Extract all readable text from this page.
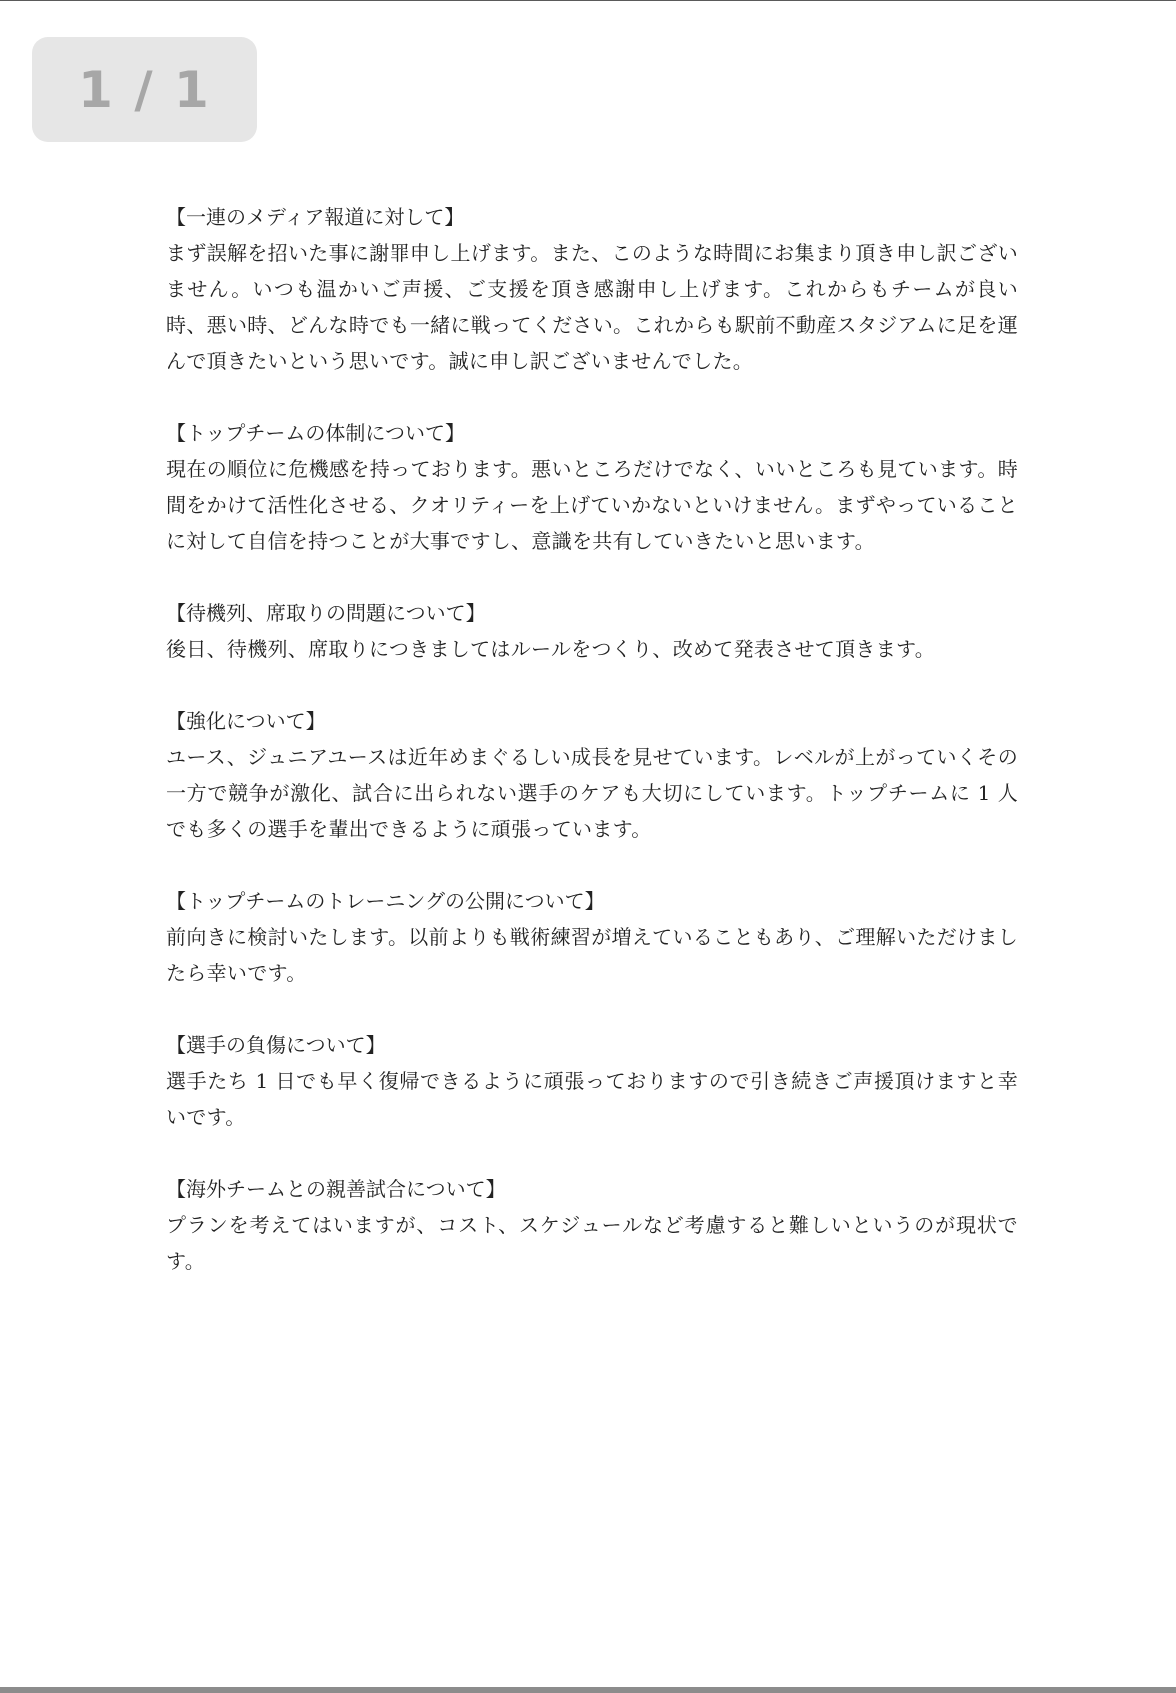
1 / 1
【一連のメディア報道に対して】
まず誤解を招いた事に謝罪申し上げます。また、このような時間にお集まり頂き申し訳ございません。いつも温かいご声援、ご支援を頂き感謝申し上げます。これからもチームが良い時、悪い時、どんな時でも一緒に戦ってください。これからも駅前不動産スタジアムに足を運んで頂きたいという思いです。誠に申し訳ございませんでした。
【トップチームの体制について】
現在の順位に危機感を持っております。悪いところだけでなく、いいところも見ています。時間をかけて活性化させる、クオリティーを上げていかないといけません。まずやっていることに対して自信を持つことが大事ですし、意識を共有していきたいと思います。
【待機列、席取りの問題について】
後日、待機列、席取りにつきましてはルールをつくり、改めて発表させて頂きます。
【強化について】
ユース、ジュニアユースは近年めまぐるしい成長を見せています。レベルが上がっていくその一方で競争が激化、試合に出られない選手のケアも大切にしています。トップチームに 1 人でも多くの選手を輩出できるように頑張っています。
【トップチームのトレーニングの公開について】
前向きに検討いたします。以前よりも戦術練習が増えていることもあり、ご理解いただけましたら幸いです。
【選手の負傷について】
選手たち 1 日でも早く復帰できるように頑張っておりますので引き続きご声援頂けますと幸いです。
【海外チームとの親善試合について】
プランを考えてはいますが、コスト、スケジュールなど考慮すると難しいというのが現状です。
